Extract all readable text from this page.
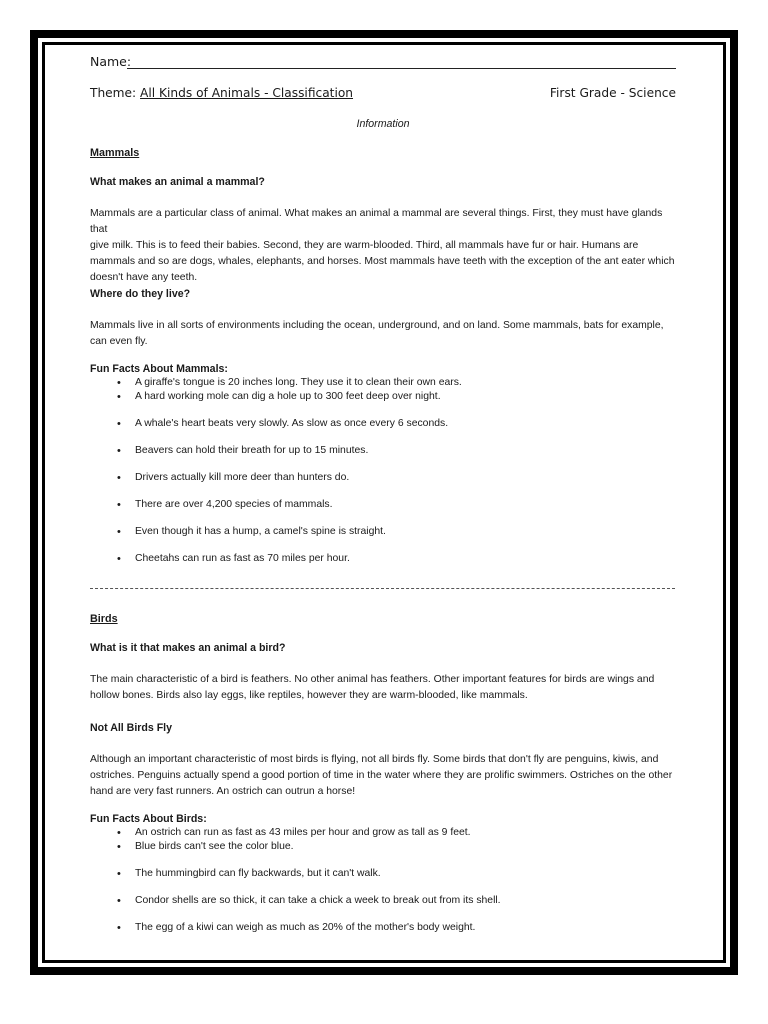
Name:
Theme: All Kinds of Animals - Classification	First Grade - Science
Information
Mammals
What makes an animal a mammal?
Mammals are a particular class of animal. What makes an animal a mammal are several things. First, they must have glands that
give milk. This is to feed their babies. Second, they are warm-blooded. Third, all mammals have fur or hair. Humans are
mammals and so are dogs, whales, elephants, and horses. Most mammals have teeth with the exception of the ant eater which
doesn't have any teeth.
Where do they live?
Mammals live in all sorts of environments including the ocean, underground, and on land. Some mammals, bats for example,
can even fly.
Fun Facts About Mammals:
• A giraffe's tongue is 20 inches long. They use it to clean their own ears.
• A hard working mole can dig a hole up to 300 feet deep over night.
• A whale's heart beats very slowly. As slow as once every 6 seconds.
• Beavers can hold their breath for up to 15 minutes.
• Drivers actually kill more deer than hunters do.
• There are over 4,200 species of mammals.
• Even though it has a hump, a camel's spine is straight.
• Cheetahs can run as fast as 70 miles per hour.
Birds
What is it that makes an animal a bird?
The main characteristic of a bird is feathers. No other animal has feathers. Other important features for birds are wings and
hollow bones. Birds also lay eggs, like reptiles, however they are warm-blooded, like mammals.
Not All Birds Fly
Although an important characteristic of most birds is flying, not all birds fly. Some birds that don't fly are penguins, kiwis, and
ostriches. Penguins actually spend a good portion of time in the water where they are prolific swimmers. Ostriches on the other
hand are very fast runners. An ostrich can outrun a horse!
Fun Facts About Birds:
• An ostrich can run as fast as 43 miles per hour and grow as tall as 9 feet.
• Blue birds can't see the color blue.
• The hummingbird can fly backwards, but it can't walk.
• Condor shells are so thick, it can take a chick a week to break out from its shell.
• The egg of a kiwi can weigh as much as 20% of the mother's body weight.
